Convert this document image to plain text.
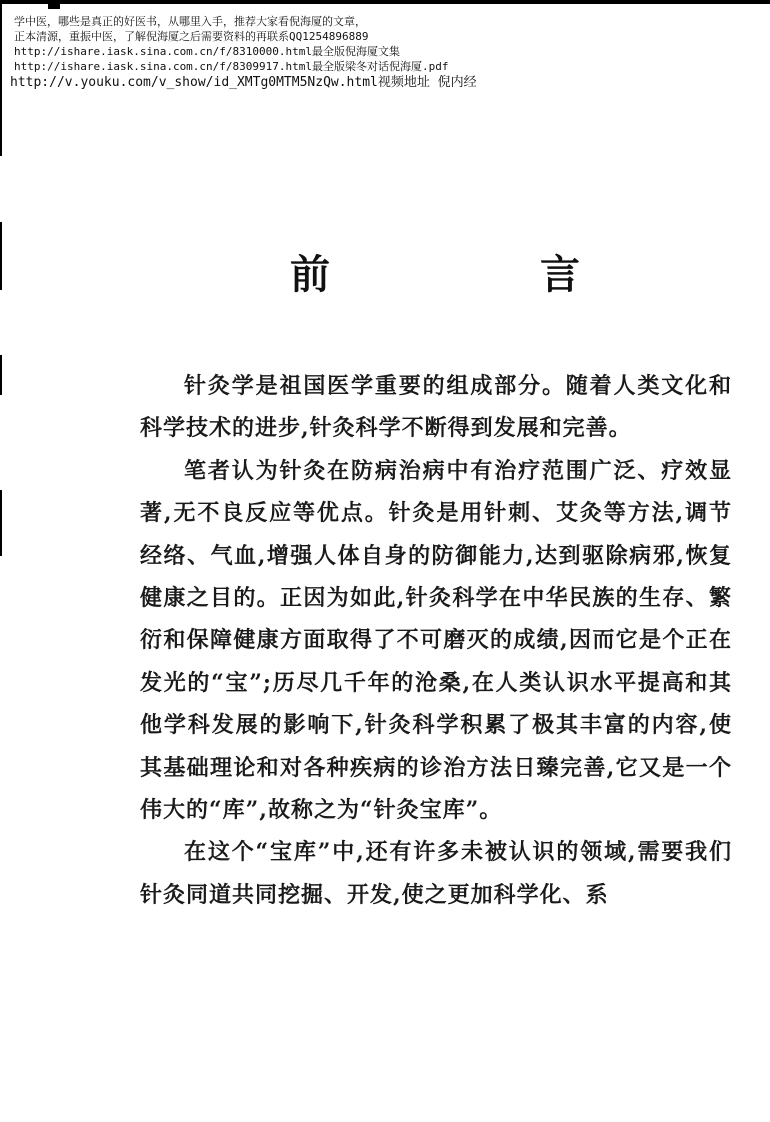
学中医，哪些是真正的好医书，从哪里入手，推荐大家看倪海厦的文章，
正本清源，重振中医，了解倪海厦之后需要资料的再联系QQ1254896889
http://ishare.iask.sina.com.cn/f/8310000.html最全版倪海厦文集
http://ishare.iask.sina.com.cn/f/8309917.html最全版梁冬对话倪海厦.pdf
http://v.youku.com/v_show/id_XMTg0MTM5NzQw.html视频地址 倪内经
前	言

针灸学是祖国医学重要的组成部分。随着人类文化和科学技术的进步,针灸科学不断得到发展和完善。

笔者认为针灸在防病治病中有治疗范围广泛、疗效显著,无不良反应等优点。针灸是用针刺、艾灸等方法,调节经络、气血,增强人体自身的防御能力,达到驱除病邪,恢复健康之目的。正因为如此,针灸科学在中华民族的生存、繁衍和保障健康方面取得了不可磨灭的成绩,因而它是个正在发光的“宝”;历尽几千年的沧桑,在人类认识水平提高和其他学科发展的影响下,针灸科学积累了极其丰富的内容,使其基础理论和对各种疾病的诊治方法日臻完善,它又是一个伟大的“库”,故称之为“针灸宝库”。

在这个“宝库”中,还有许多未被认识的领域,需要我们针灸同道共同挖掘、开发,使之更加科学化、系
